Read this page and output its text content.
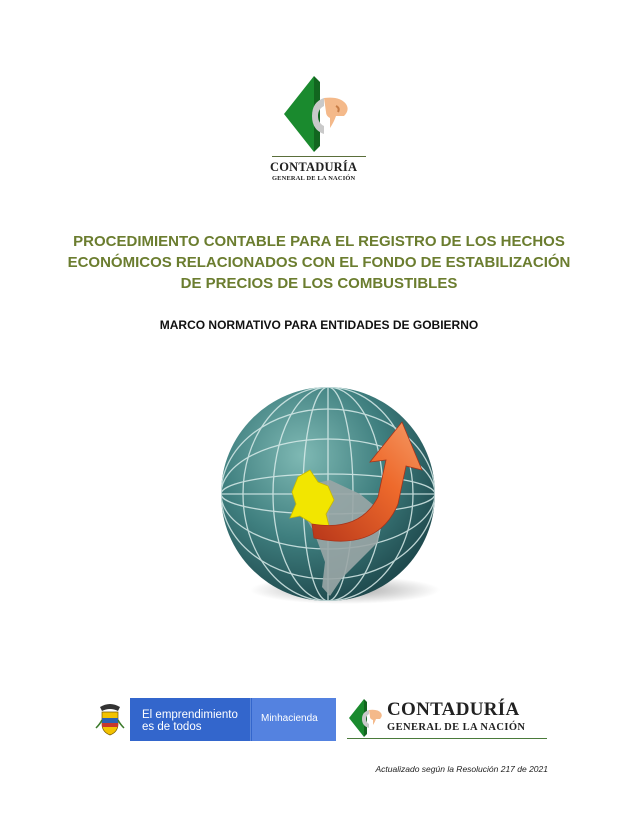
CONTADURÍA
GENERAL DE LA NACIÓN
PROCEDIMIENTO CONTABLE PARA EL REGISTRO DE LOS HECHOS
ECONÓMICOS RELACIONADOS CON EL FONDO DE ESTABILIZACIÓN
DE PRECIOS DE LOS COMBUSTIBLES
MARCO NORMATIVO PARA ENTIDADES DE GOBIERNO
El emprendimiento
es de todos
Minhacienda	CONTADURÍA
GENERAL DE LA NACIÓN
Actualizado según la Resolución 217 de 2021
